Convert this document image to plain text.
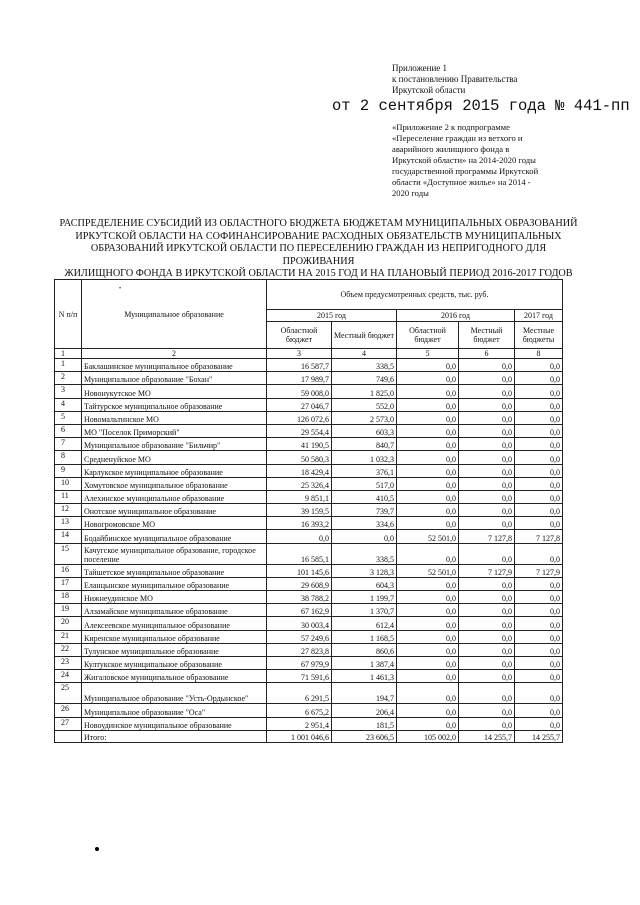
Приложение 1
к постановлению Правительства
Иркутской области
от 2 сентября 2015 года № 441-пп
«Приложение 2 к подпрограмме
«Переселение граждан из ветхого и
аварийного жилищного фонда в
Иркутской области» на 2014-2020 годы
государственной программы Иркутской
области «Доступное жилье» на 2014 -
2020 годы
РАСПРЕДЕЛЕНИЕ СУБСИДИЙ ИЗ ОБЛАСТНОГО БЮДЖЕТА БЮДЖЕТАМ МУНИЦИПАЛЬНЫХ ОБРАЗОВАНИЙ
ИРКУТСКОЙ ОБЛАСТИ НА СОФИНАНСИРОВАНИЕ РАСХОДНЫХ ОБЯЗАТЕЛЬСТВ МУНИЦИПАЛЬНЫХ
ОБРАЗОВАНИЙ ИРКУТСКОЙ ОБЛАСТИ ПО ПЕРЕСЕЛЕНИЮ ГРАЖДАН ИЗ НЕПРИГОДНОГО ДЛЯ ПРОЖИВАНИЯ
ЖИЛИЩНОГО ФОНДА В ИРКУТСКОЙ ОБЛАСТИ НА 2015 ГОД И НА ПЛАНОВЫЙ ПЕРИОД 2016-2017 ГОДОВ
•
N п/п	Муниципальное образование	Объем предусмотренных средств, тыс. руб.				
		2015 год		2016 год		2017 год
		Областной бюджет	Местный бюджет	Областной бюджет	Местный бюджет	Местные бюджеты
1	2	3	4	5	6	8
1	Баклашинское муниципальное образование	16 587,7	338,5	0,0	0,0	0,0
2	Муниципальное образование "Бохан"	17 989,7	749,6	0,0	0,0	0,0
3	Новонукутское МО	59 008,0	1 825,0	0,0	0,0	0,0
4	Тайтурское муниципальное образование	27 046,7	552,0	0,0	0,0	0,0
5	Новомальтинское МО	126 072,6	2 573,0	0,0	0,0	0,0
6	МО "Поселок Приморский"	29 554,4	603,3	0,0	0,0	0,0
7	Муниципальное образование "Бильчир"	41 190,5	840,7	0,0	0,0	0,0
8	Средненуйское МО	50 580,3	1 032,3	0,0	0,0	0,0
9	Карлукское муниципальное образование	18 429,4	376,1	0,0	0,0	0,0
10	Хомутовское муниципальное образование	25 326,4	517,0	0,0	0,0	0,0
11	Алехинское муниципальное образование	9 851,1	410,5	0,0	0,0	0,0
12	Онотское муниципальное образование	39 159,5	739,7	0,0	0,0	0,0
13	Новогромовское МО	16 393,2	334,6	0,0	0,0	0,0
14	Бодайбинское муниципальное образование	0,0	0,0	52 501,0	7 127,8	7 127,8
15	Качугское муниципальное образование, городское поселение	16 585,1	338,5	0,0	0,0	0,0
16	Тайшетское муниципальное образование	101 145,6	3 128,3	52 501,0	7 127,9	7 127,9
17	Еланцынское муниципальное образование	29 608,9	604,3	0,0	0,0	0,0
18	Нижнеудинское МО	38 788,2	1 199,7	0,0	0,0	0,0
19	Алзамайское муниципальное образование	67 162,9	1 370,7	0,0	0,0	0,0
20	Алексеевское муниципальное образование	30 003,4	612,4	0,0	0,0	0,0
21	Киренское муниципальное образование	57 249,6	1 168,5	0,0	0,0	0,0
22	Тулунское муниципальное образование	27 823,8	860,6	0,0	0,0	0,0
23	Култукское муниципальное образование	67 979,9	1 387,4	0,0	0,0	0,0
24	Жигаловское муниципальное образование	71 591,6	1 461,3	0,0	0,0	0,0
25	Муниципальное образование "Усть-Ордынское"	6 291,5	194,7	0,0	0,0	0,0
26	Муниципальное образование "Оса"	6 675,2	206,4	0,0	0,0	0,0
27	Новоудинское муниципальное образование	2 951,4	181,5	0,0	0,0	0,0
	Итого:	1 001 046,6	23 606,5	105 002,0	14 255,7	14 255,7
